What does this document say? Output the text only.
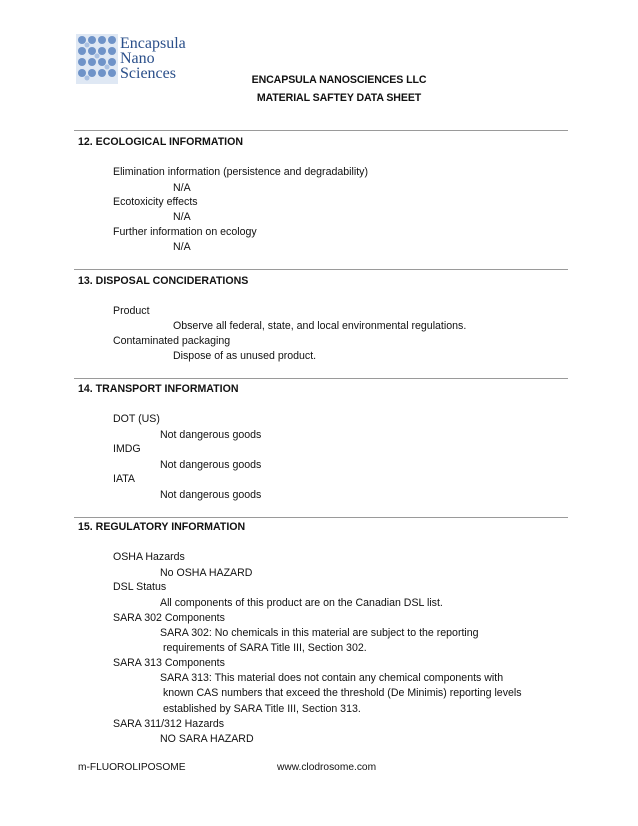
Encapsula
Nano
Sciences	ENCAPSULA NANOSCIENCES LLC
MATERIAL SAFTEY DATA SHEET
12. ECOLOGICAL INFORMATION
Elimination information (persistence and degradability)
N/A
Ecotoxicity effects
N/A
Further information on ecology
N/A
13. DISPOSAL CONCIDERATIONS
Product
Observe all federal, state, and local environmental regulations.
Contaminated packaging
Dispose of as unused product.
14. TRANSPORT INFORMATION
DOT (US)
Not dangerous goods
IMDG
Not dangerous goods
IATA
Not dangerous goods
15. REGULATORY INFORMATION
OSHA Hazards
No OSHA HAZARD
DSL Status
All components of this product are on the Canadian DSL list.
SARA 302 Components
SARA 302: No chemicals in this material are subject to the reporting
requirements of SARA Title III, Section 302.
SARA 313 Components
SARA 313: This material does not contain any chemical components with
known CAS numbers that exceed the threshold (De Minimis) reporting levels
established by SARA Title III, Section 313.
SARA 311/312 Hazards
NO SARA HAZARD
m-FLUOROLIPOSOME	www.clodrosome.com
